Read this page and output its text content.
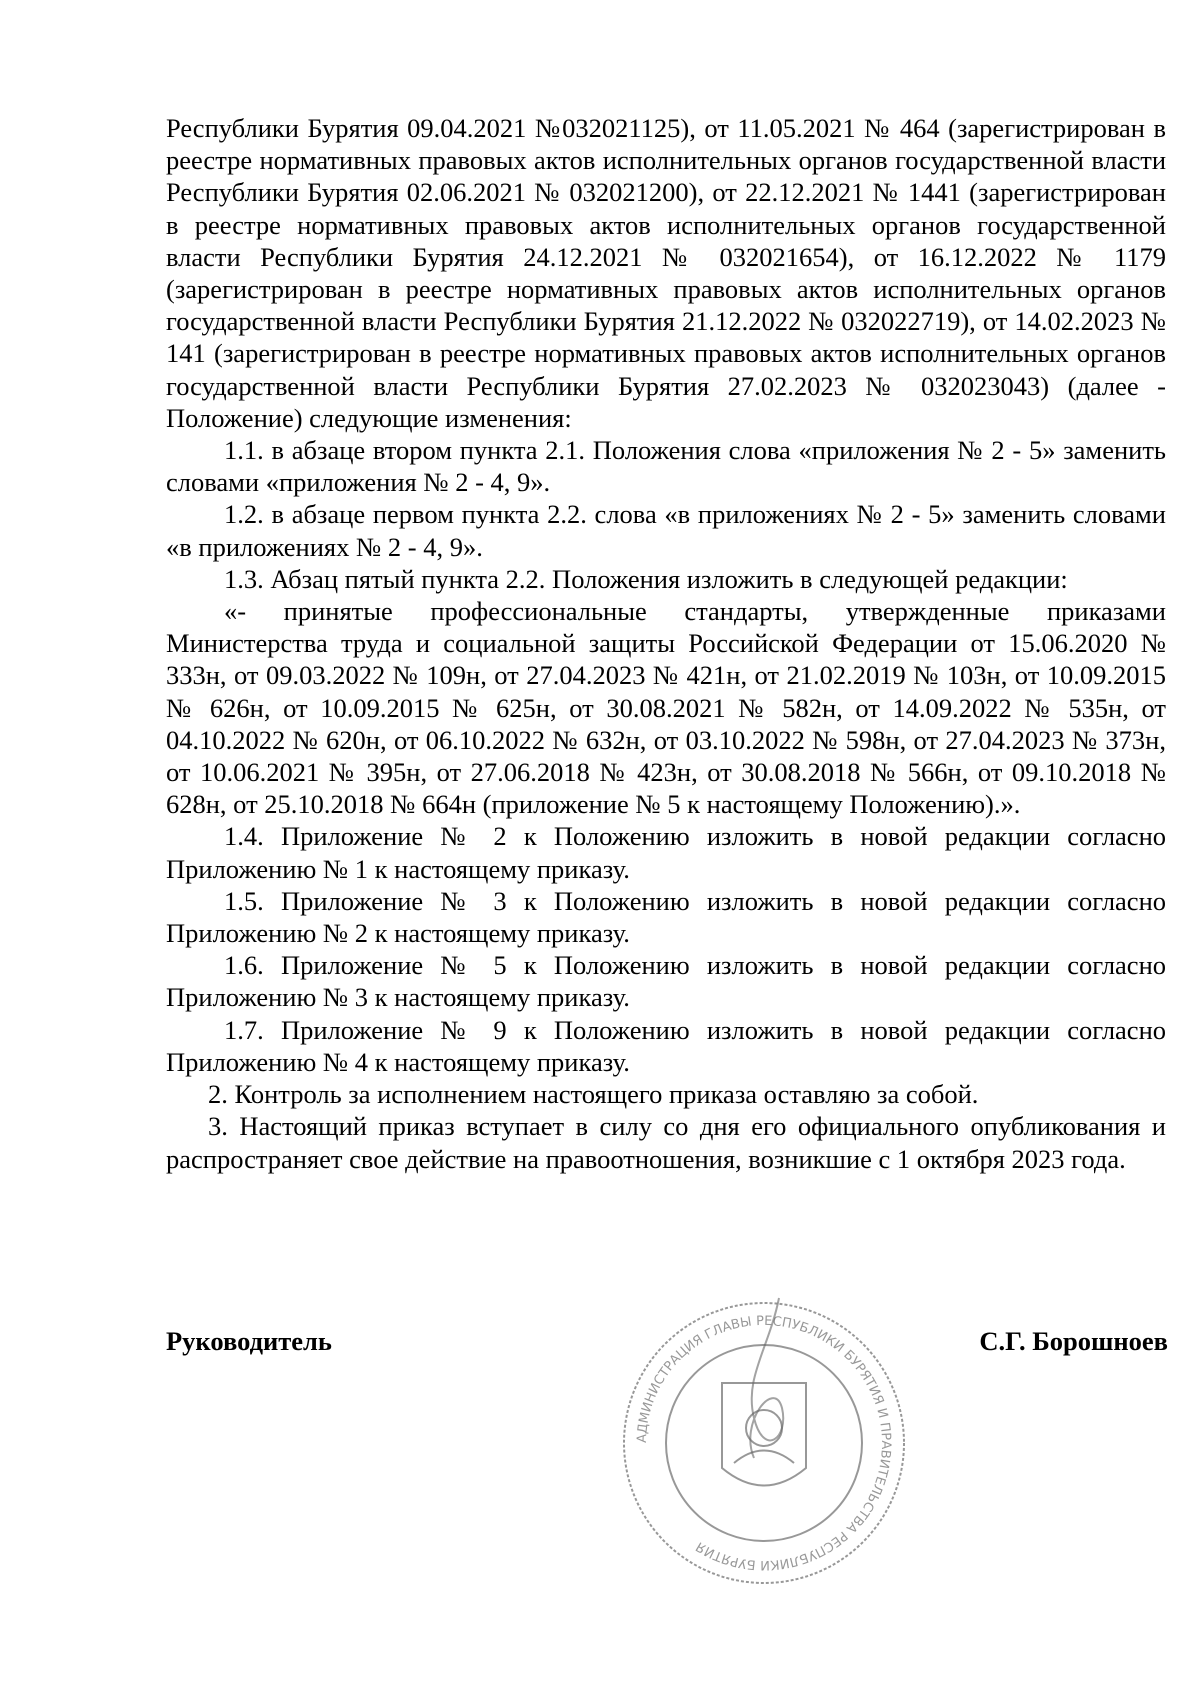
Республики Бурятия 09.04.2021 №032021125), от 11.05.2021 № 464 (зарегистрирован в реестре нормативных правовых актов исполнительных органов государственной власти Республики Бурятия 02.06.2021 № 032021200), от 22.12.2021 № 1441 (зарегистрирован в реестре нормативных правовых актов исполнительных органов государственной власти Республики Бурятия 24.12.2021 № 032021654), от 16.12.2022 № 1179 (зарегистрирован в реестре нормативных правовых актов исполнительных органов государственной власти Республики Бурятия 21.12.2022 № 032022719), от 14.02.2023 № 141 (зарегистрирован в реестре нормативных правовых актов исполнительных органов государственной власти Республики Бурятия 27.02.2023 № 032023043) (далее - Положение) следующие изменения:

1.1. в абзаце втором пункта 2.1. Положения слова «приложения № 2 - 5» заменить словами «приложения № 2 - 4, 9».

1.2. в абзаце первом пункта 2.2. слова «в приложениях № 2 - 5» заменить словами «в приложениях № 2 - 4, 9».

1.3. Абзац пятый пункта 2.2. Положения изложить в следующей редакции:

«- принятые профессиональные стандарты, утвержденные приказами Министерства труда и социальной защиты Российской Федерации от 15.06.2020 № 333н, от 09.03.2022 № 109н, от 27.04.2023 № 421н, от 21.02.2019 № 103н, от 10.09.2015 № 626н, от 10.09.2015 № 625н, от 30.08.2021 № 582н, от 14.09.2022 № 535н, от 04.10.2022 № 620н, от 06.10.2022 № 632н, от 03.10.2022 № 598н, от 27.04.2023 № 373н, от 10.06.2021 № 395н, от 27.06.2018 № 423н, от 30.08.2018 № 566н, от 09.10.2018 № 628н, от 25.10.2018 № 664н (приложение № 5 к настоящему Положению).».

1.4. Приложение № 2 к Положению изложить в новой редакции согласно Приложению № 1 к настоящему приказу.

1.5. Приложение № 3 к Положению изложить в новой редакции согласно Приложению № 2 к настоящему приказу.

1.6. Приложение № 5 к Положению изложить в новой редакции согласно Приложению № 3 к настоящему приказу.

1.7. Приложение № 9 к Положению изложить в новой редакции согласно Приложению № 4 к настоящему приказу.

2. Контроль за исполнением настоящего приказа оставляю за собой.

3. Настоящий приказ вступает в силу со дня его официального опубликования и распространяет свое действие на правоотношения, возникшие с 1 октября 2023 года.

Руководитель	С.Г. Борошноев
АДМИНИСТРАЦИЯ ГЛАВЫ РЕСПУБЛИКИ БУРЯТИЯ И ПРАВИТЕЛЬСТВА РЕСПУБЛИКИ БУРЯТИЯ
